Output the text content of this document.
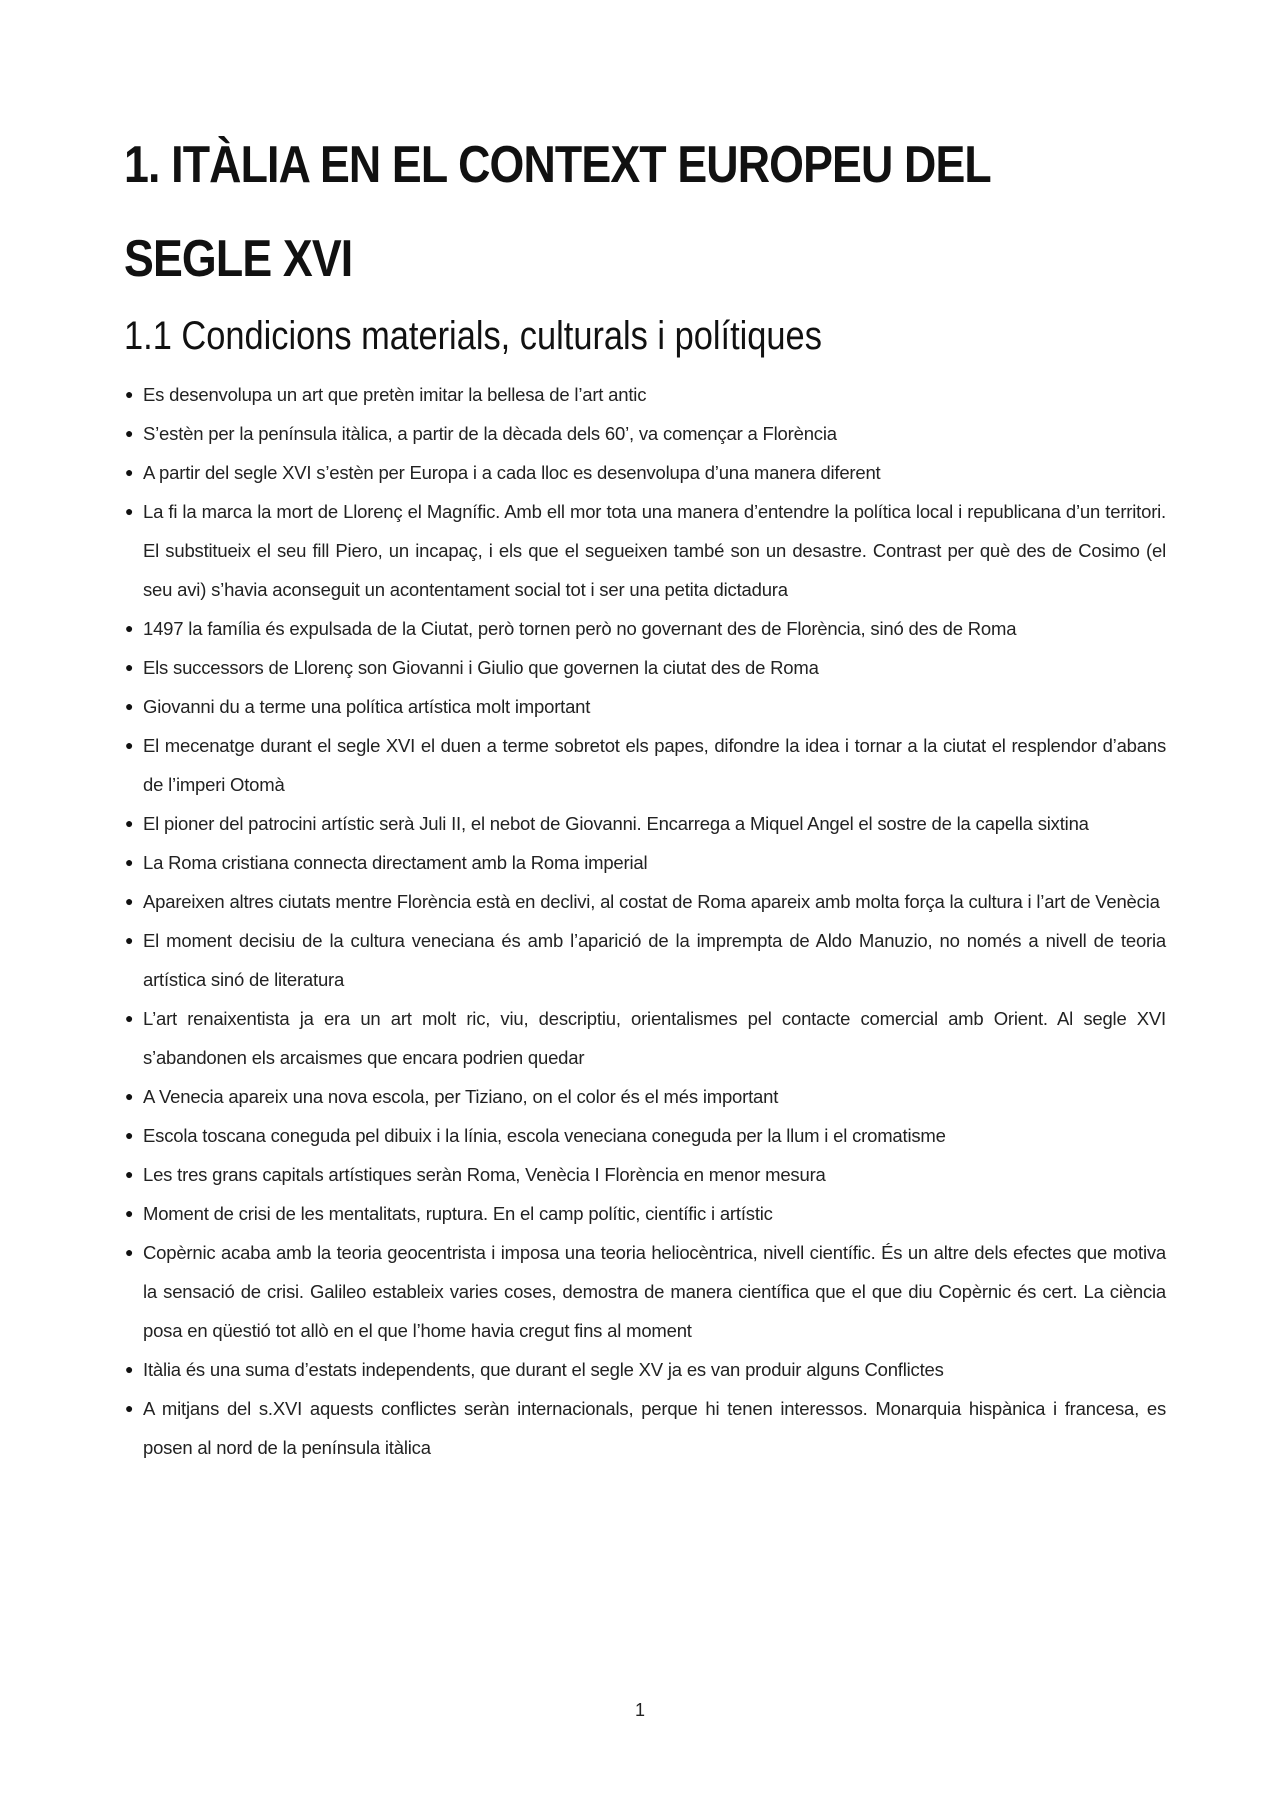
1. ITÀLIA EN EL CONTEXT EUROPEU DEL SEGLE XVI
1.1 Condicions materials, culturals i polítiques
● Es desenvolupa un art que pretèn imitar la bellesa de l’art antic
● S’estèn per la península itàlica, a partir de la dècada dels 60’, va començar a Florència
● A partir del segle XVI s’estèn per Europa i a cada lloc es desenvolupa d’una manera diferent
● La fi la marca la mort de Llorenç el Magnífic. Amb ell mor tota una manera d’entendre la política local i republicana d’un territori. El substitueix el seu fill Piero, un incapaç, i els que el segueixen també son un desastre. Contrast per què des de Cosimo (el seu avi) s’havia aconseguit un acontentament social tot i ser una petita dictadura
● 1497 la família és expulsada de la Ciutat, però tornen però no governant des de Florència, sinó des de Roma
● Els successors de Llorenç son Giovanni i Giulio que governen la ciutat des de Roma
● Giovanni du a terme una política artística molt important
● El mecenatge durant el segle XVI el duen a terme sobretot els papes, difondre la idea i tornar a la ciutat el resplendor d’abans de l’imperi Otomà
● El pioner del patrocini artístic serà Juli II, el nebot de Giovanni. Encarrega a Miquel Angel el sostre de la capella sixtina
● La Roma cristiana connecta directament amb la Roma imperial
● Apareixen altres ciutats mentre Florència està en declivi, al costat de Roma apareix amb molta força la cultura i l’art de Venècia
● El moment decisiu de la cultura veneciana és amb l’aparició de la imprempta de Aldo Manuzio, no només a nivell de teoria artística sinó de literatura
● L’art renaixentista ja era un art molt ric, viu, descriptiu, orientalismes pel contacte comercial amb Orient. Al segle XVI s’abandonen els arcaismes que encara podrien quedar
● A Venecia apareix una nova escola, per Tiziano, on el color és el més important
● Escola toscana coneguda pel dibuix i la línia, escola veneciana coneguda per la llum i el cromatisme
● Les tres grans capitals artístiques seràn Roma, Venècia I Florència en menor mesura
● Moment de crisi de les mentalitats, ruptura. En el camp polític, científic i artístic
● Copèrnic acaba amb la teoria geocentrista i imposa una teoria heliocèntrica, nivell científic. És un altre dels efectes que motiva la sensació de crisi. Galileo estableix varies coses, demostra de manera científica que el que diu Copèrnic és cert. La ciència posa en qüestió tot allò en el que l’home havia cregut fins al moment
● Itàlia és una suma d’estats independents, que durant el segle XV ja es van produir alguns Conflictes
● A mitjans del s.XVI aquests conflictes seràn internacionals, perque hi tenen interessos. Monarquia hispànica i francesa, es posen al nord de la península itàlica
1
